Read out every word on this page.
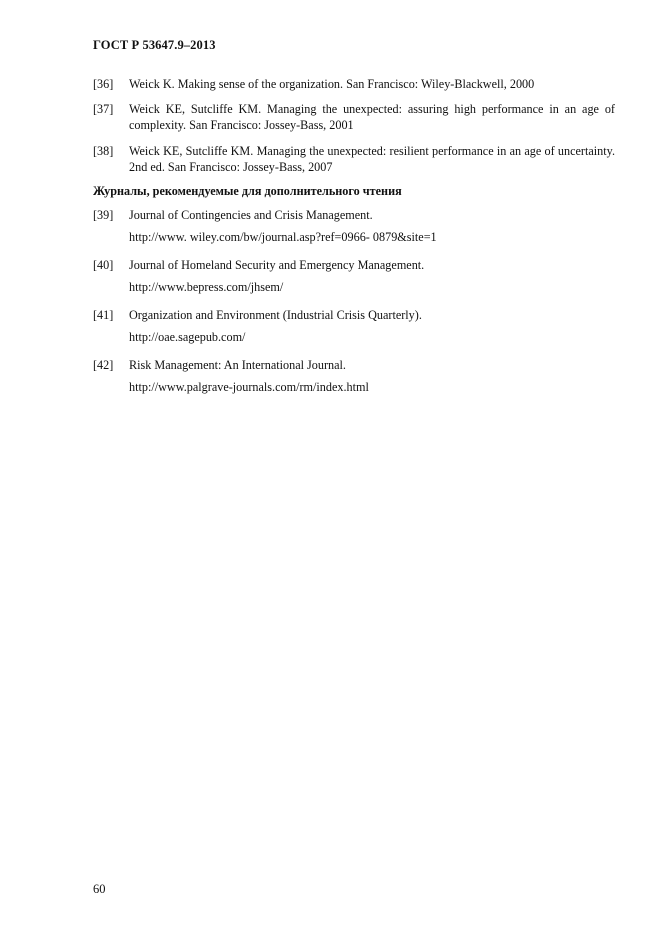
ГОСТ Р 53647.9–2013
[36]	Weick K. Making sense of the organization. San Francisco: Wiley-Blackwell, 2000
[37]	Weick KE, Sutcliffe KM. Managing the unexpected: assuring high performance in an age of complexity. San Francisco: Jossey-Bass, 2001
[38]	Weick KE, Sutcliffe KM. Managing the unexpected: resilient performance in an age of uncertainty. 2nd ed. San Francisco: Jossey-Bass, 2007
Журналы, рекомендуемые для дополнительного чтения
[39]	Journal of Contingencies and Crisis Management.
http://www. wiley.com/bw/journal.asp?ref=0966- 0879&site=1
[40]	Journal of Homeland Security and Emergency Management.
http://www.bepress.com/jhsem/
[41]	Organization and Environment (Industrial Crisis Quarterly).
http://oae.sagepub.com/
[42]	Risk Management: An International Journal.
http://www.palgrave-journals.com/rm/index.html
60
